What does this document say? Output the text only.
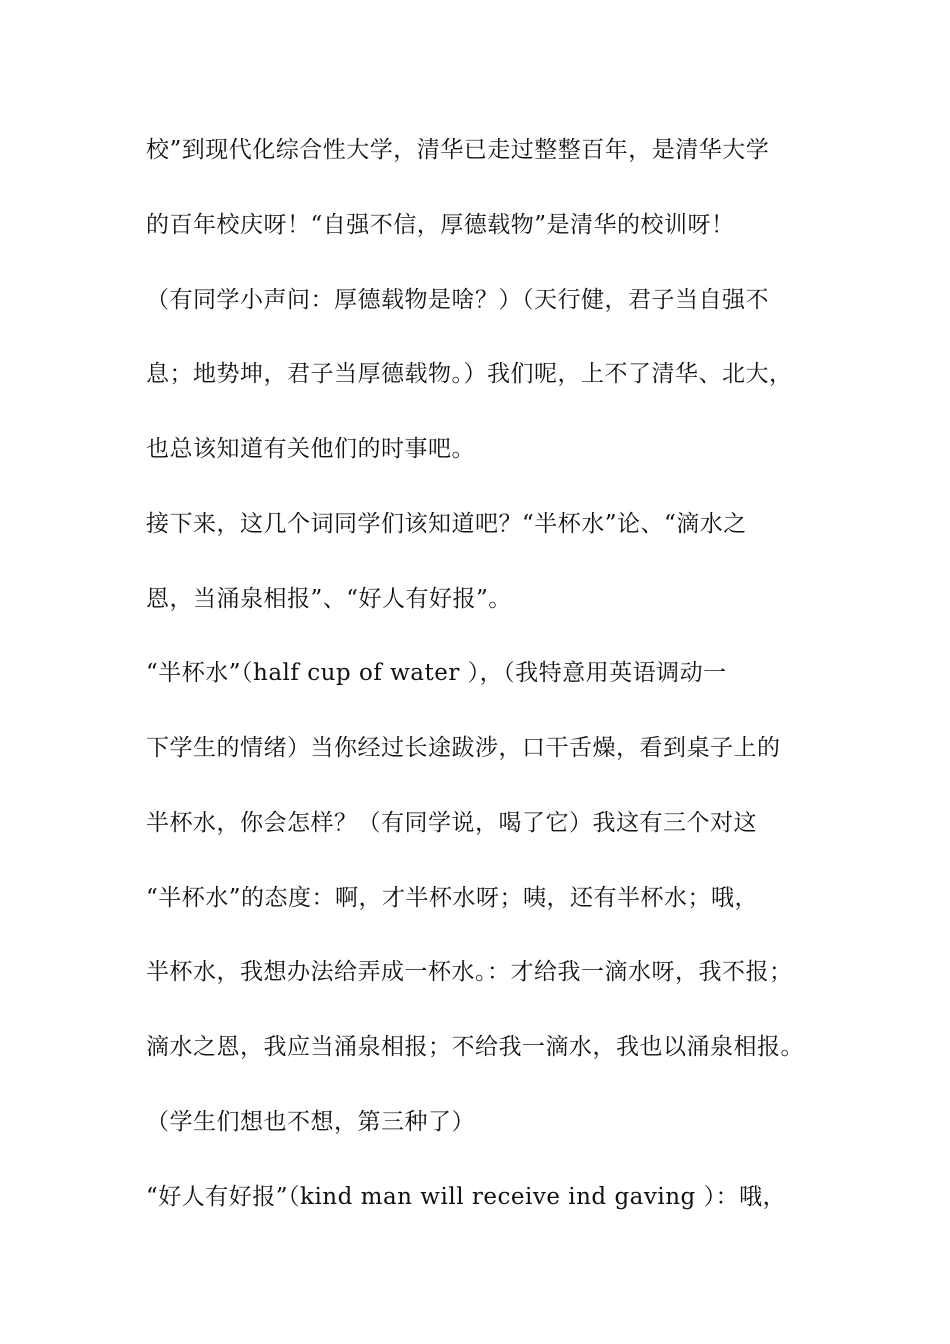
校”到现代化综合性大学，清华已走过整整百年，是清华大学
的百年校庆呀！“自强不信，厚德载物”是清华的校训呀！
（有同学小声问：厚德载物是啥？）（天行健，君子当自强不
息；地势坤，君子当厚德载物。）我们呢，上不了清华、北大，
也总该知道有关他们的时事吧。
接下来，这几个词同学们该知道吧？“半杯水”论、“滴水之
恩，当涌泉相报”、“好人有好报”。
“半杯水”（half cup of water ），（我特意用英语调动一
下学生的情绪）当你经过长途跋涉，口干舌燥，看到桌子上的
半杯水，你会怎样？（有同学说，喝了它）我这有三个对这
“半杯水”的态度：啊，才半杯水呀；咦，还有半杯水；哦，
半杯水，我想办法给弄成一杯水。：才给我一滴水呀，我不报；
滴水之恩，我应当涌泉相报；不给我一滴水，我也以涌泉相报。
（学生们想也不想，第三种了）
“好人有好报”（kind man will receive ind gaving ）：哦，
